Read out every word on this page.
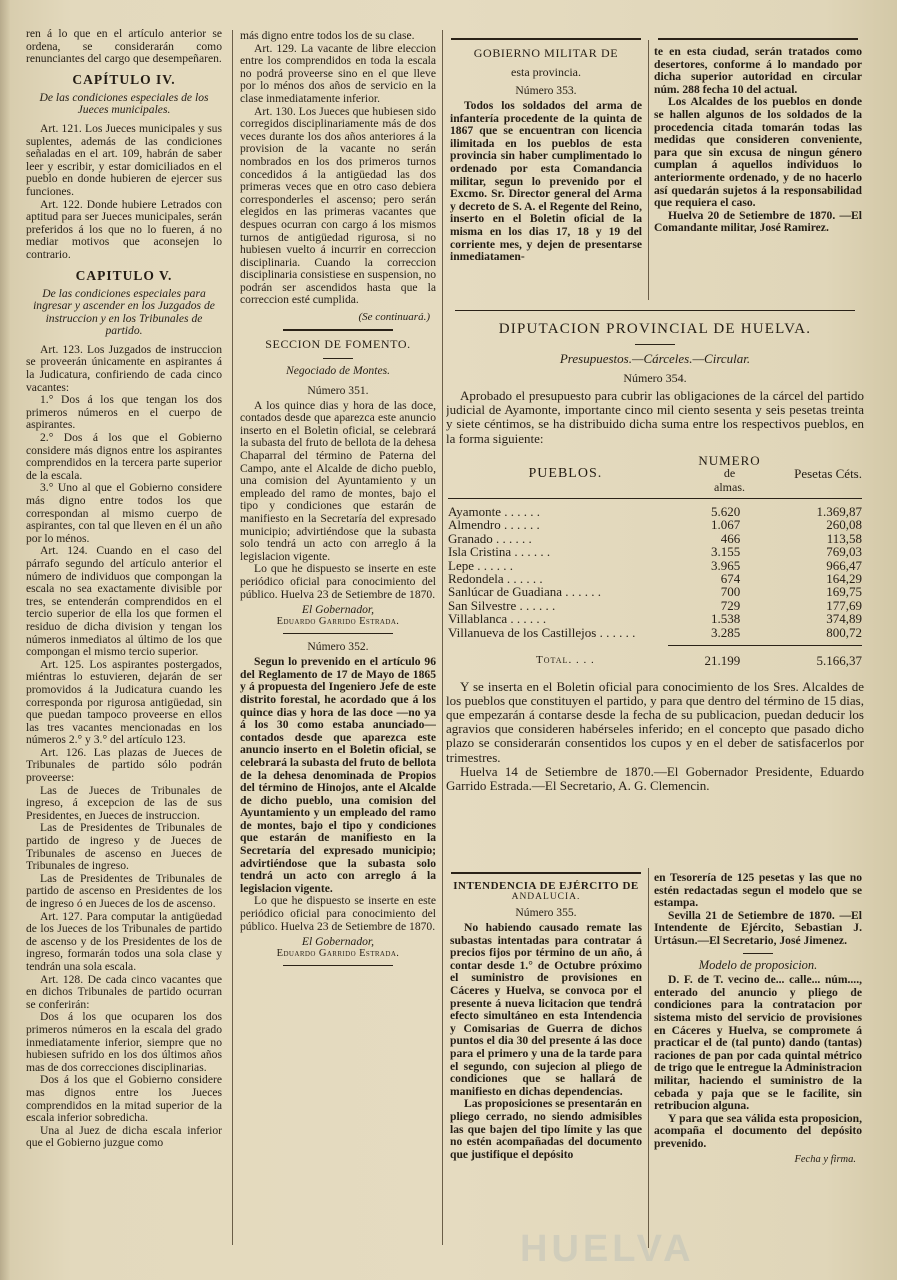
ren á lo que en el artículo anterior se ordena, se considerarán como renunciantes del cargo que desempeñaren.

CAPÍTULO IV.
De las condiciones especiales de los Jueces municipales.

Art. 121. Los Jueces municipales y sus suplentes, además de las condiciones señaladas en el art. 109, habrán de saber leer y escribir, y estar domiciliados en el pueblo en donde hubieren de ejercer sus funciones.

Art. 122. Donde hubiere Letrados con aptitud para ser Jueces municipales, serán preferidos á los que no lo fueren, á no mediar motivos que aconsejen lo contrario.

CAPITULO V.
De las condiciones especiales para ingresar y ascender en los Juzgados de instruccion y en los Tribunales de partido.

Art. 123. Los Juzgados de instruccion se proveerán únicamente en aspirantes á la Judicatura, confiriendo de cada cinco vacantes:

1.° Dos á los que tengan los dos primeros números en el cuerpo de aspirantes.

2.° Dos á los que el Gobierno considere más dignos entre los aspirantes comprendidos en la tercera parte superior de la escala.

3.° Uno al que el Gobierno considere más digno entre todos los que correspondan al mismo cuerpo de aspirantes, con tal que lleven en él un año por lo ménos.

Art. 124. Cuando en el caso del párrafo segundo del artículo anterior el número de individuos que compongan la escala no sea exactamente divisible por tres, se entenderán comprendidos en el tercio superior de ella los que formen el residuo de dicha division y tengan los números inmediatos al último de los que compongan el mismo tercio superior.

Art. 125. Los aspirantes postergados, miéntras lo estuvieren, dejarán de ser promovidos á la Judicatura cuando les corresponda por rigurosa antigüedad, sin que puedan tampoco proveerse en ellos las tres vacantes mencionadas en los números 2.° y 3.° del artículo 123.

Art. 126. Las plazas de Jueces de Tribunales de partido sólo podrán proveerse:

Las de Jueces de Tribunales de ingreso, á excepcion de las de sus Presidentes, en Jueces de instruccion.

Las de Presidentes de Tribunales de partido de ingreso y de Jueces de Tribunales de ascenso en Jueces de Tribunales de ingreso.

Las de Presidentes de Tribunales de partido de ascenso en Presidentes de los de ingreso ó en Jueces de los de ascenso.

Art. 127. Para computar la antigüedad de los Jueces de los Tribunales de partido de ascenso y de los Presidentes de los de ingreso, formarán todos una sola clase y tendrán una sola escala.

Art. 128. De cada cinco vacantes que en dichos Tribunales de partido ocurran se conferirán:

Dos á los que ocuparen los dos primeros números en la escala del grado inmediatamente inferior, siempre que no hubiesen sufrido en los dos últimos años mas de dos correcciones disciplinarias.

Dos á los que el Gobierno considere mas dignos entre los Jueces comprendidos en la mitad superior de la escala inferior sobredicha.

Una al Juez de dicha escala inferior que el Gobierno juzgue como

más digno entre todos los de su clase.

Art. 129. La vacante de libre eleccion entre los comprendidos en toda la escala no podrá proveerse sino en el que lleve por lo ménos dos años de servicio en la clase inmediatamente inferior.

Art. 130. Los Jueces que hubiesen sido corregidos disciplinariamente más de dos veces durante los dos años anteriores á la provision de la vacante no serán nombrados en los dos primeros turnos concedidos á la antigüedad las dos primeras veces que en otro caso debiera corresponderles el ascenso; pero serán elegidos en las primeras vacantes que despues ocurran con cargo á los mismos turnos de antigüedad rigurosa, si no hubiesen vuelto á incurrir en correccion disciplinaria. Cuando la correccion disciplinaria consistiese en suspension, no podrán ser ascendidos hasta que la correccion esté cumplida.

(Se continuará.)
SECCION DE FOMENTO.
Negociado de Montes.
Número 351.

A los quince dias y hora de las doce, contados desde que aparezca este anuncio inserto en el Boletin oficial, se celebrará la subasta del fruto de bellota de la dehesa Chaparral del término de Paterna del Campo, ante el Alcalde de dicho pueblo, una comision del Ayuntamiento y un empleado del ramo de montes, bajo el tipo y condiciones que estarán de manifiesto en la Secretaría del expresado municipio; advirtiéndose que la subasta solo tendrá un acto con arreglo á la legislacion vigente.

Lo que he dispuesto se inserte en este periódico oficial para conocimiento del público. Huelva 23 de Setiembre de 1870.

El Gobernador,
Eduardo Garrido Estrada.
Número 352.

Segun lo prevenido en el artículo 96 del Reglamento de 17 de Mayo de 1865 y á propuesta del Ingeniero Jefe de este distrito forestal, he acordado que á los quince dias y hora de las doce —no ya á los 30 como estaba anunciado— contados desde que aparezca este anuncio inserto en el Boletin oficial, se celebrará la subasta del fruto de bellota de la dehesa denominada de Propios del término de Hinojos, ante el Alcalde de dicho pueblo, una comision del Ayuntamiento y un empleado del ramo de montes, bajo el tipo y condiciones que estarán de manifiesto en la Secretaría del expresado municipio; advirtiéndose que la subasta solo tendrá un acto con arreglo á la legislacion vigente.

Lo que he dispuesto se inserte en este periódico oficial para conocimiento del público. Huelva 23 de Setiembre de 1870.

El Gobernador,
Eduardo Garrido Estrada.
GOBIERNO MILITAR DE
esta provincia.
Número 353.

Todos los soldados del arma de infantería procedente de la quinta de 1867 que se encuentran con licencia ilimitada en los pueblos de esta provincia sin haber cumplimentado lo ordenado por esta Comandancia militar, segun lo prevenido por el Excmo. Sr. Director general del Arma y decreto de S. A. el Regente del Reino, inserto en el Boletin oficial de la misma en los dias 17, 18 y 19 del corriente mes, y dejen de presentarse inmediatamen-

te en esta ciudad, serán tratados como desertores, conforme á lo mandado por dicha superior autoridad en circular núm. 288 fecha 10 del actual.

Los Alcaldes de los pueblos en donde se hallen algunos de los soldados de la procedencia citada tomarán todas las medidas que consideren conveniente, para que sin excusa de ningun género cumplan á aquellos individuos lo anteriormente ordenado, y de no hacerlo así quedarán sujetos á la responsabilidad que requiera el caso.

Huelva 20 de Setiembre de 1870. —El Comandante militar, José Ramirez.

DIPUTACION PROVINCIAL DE HUELVA.
Presupuestos.—Cárceles.—Circular.
Número 354.

Aprobado el presupuesto para cubrir las obligaciones de la cárcel del partido judicial de Ayamonte, importante cinco mil ciento sesenta y seis pesetas treinta y siete céntimos, se ha distribuido dicha suma entre los respectivos pueblos, en la forma siguiente:

PUEBLOS.	NUMERO	Pesetas Céts.
	de	
	almas.	

Ayamonte . . . . . .	5.620	1.369,87
Almendro . . . . . .	1.067	260,08
Granado . . . . . .	466	113,58
Isla Cristina . . . . . .	3.155	769,03
Lepe . . . . . .	3.965	966,47
Redondela . . . . . .	674	164,29
Sanlúcar de Guadiana . . . . . .	700	169,75
San Silvestre . . . . . .	729	177,69
Villablanca . . . . . .	1.538	374,89
Villanueva de los Castillejos . . . . . .	3.285	800,72

Total. . . .	21.199	5.166,37

Y se inserta en el Boletin oficial para conocimiento de los Sres. Alcaldes de los pueblos que constituyen el partido, y para que dentro del término de 15 dias, que empezarán á contarse desde la fecha de su publicacion, puedan deducir los agravios que consideren habérseles inferido; en el concepto que pasado dicho plazo se considerarán consentidos los cupos y en el deber de satisfacerlos por trimestres.

Huelva 14 de Setiembre de 1870.—El Gobernador Presidente, Eduardo Garrido Estrada.—El Secretario, A. G. Clemencin.

INTENDENCIA DE EJÉRCITO DE
ANDALUCIA.
Número 355.

No habiendo causado remate las subastas intentadas para contratar á precios fijos por término de un año, á contar desde 1.° de Octubre próximo el suministro de provisiones en Cáceres y Huelva, se convoca por el presente á nueva licitacion que tendrá efecto simultáneo en esta Intendencia y Comisarias de Guerra de dichos puntos el dia 30 del presente á las doce para el primero y una de la tarde para el segundo, con sujecion al pliego de condiciones que se hallará de manifiesto en dichas dependencias.

Las proposiciones se presentarán en pliego cerrado, no siendo admisibles las que bajen del tipo límite y las que no estén acompañadas del documento que justifique el depósito

en Tesorería de 125 pesetas y las que no estén redactadas segun el modelo que se estampa.

Sevilla 21 de Setiembre de 1870. —El Intendente de Ejército, Sebastian J. Urtásun.—El Secretario, José Jimenez.

Modelo de proposicion.

D. F. de T. vecino de... calle... núm...., enterado del anuncio y pliego de condiciones para la contratacion por sistema misto del servicio de provisiones en Cáceres y Huelva, se compromete á practicar el de (tal punto) dando (tantas) raciones de pan por cada quintal métrico de trigo que le entregue la Administracion militar, haciendo el suministro de la cebada y paja que se le facilite, sin retribucion alguna.

Y para que sea válida esta proposicion, acompaña el documento del depósito prevenido.

Fecha y firma.
HUELVA
